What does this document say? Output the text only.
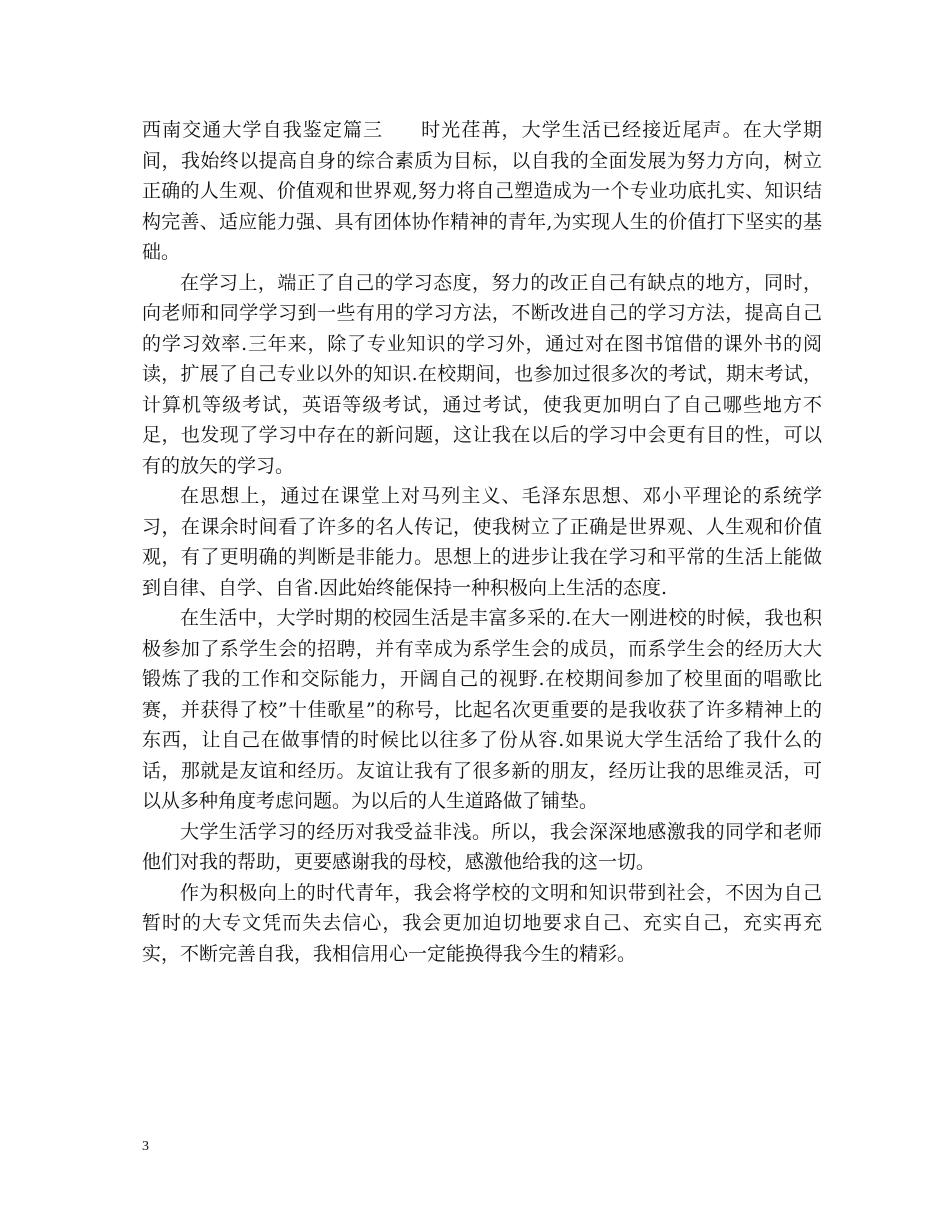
西南交通大学自我鉴定篇三 时光荏苒，大学生活已经接近尾声。在大学期间，我始终以提高自身的综合素质为目标，以自我的全面发展为努力方向，树立正确的人生观、价值观和世界观,努力将自己塑造成为一个专业功底扎实、知识结构完善、适应能力强、具有团体协作精神的青年,为实现人生的价值打下坚实的基础。

在学习上，端正了自己的学习态度，努力的改正自己有缺点的地方，同时，向老师和同学学习到一些有用的学习方法，不断改进自己的学习方法，提高自己的学习效率.三年来，除了专业知识的学习外，通过对在图书馆借的课外书的阅读，扩展了自己专业以外的知识.在校期间，也参加过很多次的考试，期末考试，计算机等级考试，英语等级考试，通过考试，使我更加明白了自己哪些地方不足，也发现了学习中存在的新问题，这让我在以后的学习中会更有目的性，可以有的放矢的学习。

在思想上，通过在课堂上对马列主义、毛泽东思想、邓小平理论的系统学习，在课余时间看了许多的名人传记，使我树立了正确是世界观、人生观和价值观，有了更明确的判断是非能力。思想上的进步让我在学习和平常的生活上能做到自律、自学、自省.因此始终能保持一种积极向上生活的态度.

在生活中，大学时期的校园生活是丰富多采的.在大一刚进校的时候，我也积极参加了系学生会的招聘，并有幸成为系学生会的成员，而系学生会的经历大大锻炼了我的工作和交际能力，开阔自己的视野.在校期间参加了校里面的唱歌比赛，并获得了校”十佳歌星”的称号，比起名次更重要的是我收获了许多精神上的东西，让自己在做事情的时候比以往多了份从容.如果说大学生活给了我什么的话，那就是友谊和经历。友谊让我有了很多新的朋友，经历让我的思维灵活，可以从多种角度考虑问题。为以后的人生道路做了铺垫。

大学生活学习的经历对我受益非浅。所以，我会深深地感激我的同学和老师他们对我的帮助，更要感谢我的母校，感激他给我的这一切。

作为积极向上的时代青年，我会将学校的文明和知识带到社会，不因为自己暂时的大专文凭而失去信心，我会更加迫切地要求自己、充实自己，充实再充实，不断完善自我，我相信用心一定能换得我今生的精彩。

3
